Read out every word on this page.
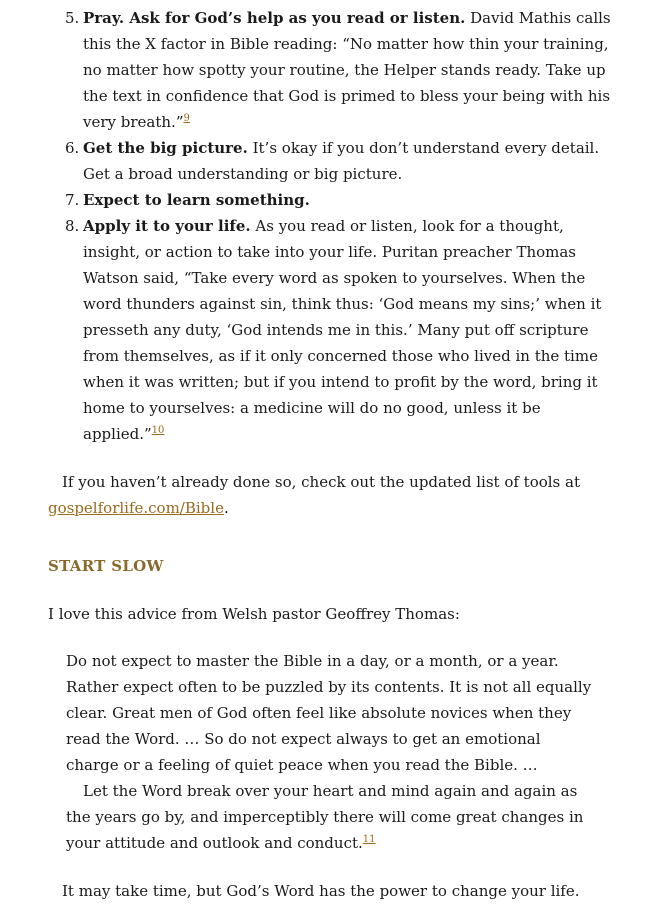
5. Pray. Ask for God’s help as you read or listen. David Mathis calls this the X factor in Bible reading: “No matter how thin your training, no matter how spotty your routine, the Helper stands ready. Take up the text in confidence that God is primed to bless your being with his very breath.”$^9$
6. Get the big picture. It’s okay if you don’t understand every detail. Get a broad understanding or big picture.
7. Expect to learn something.
8. Apply it to your life. As you read or listen, look for a thought, insight, or action to take into your life. Puritan preacher Thomas Watson said, “Take every word as spoken to yourselves. When the word thunders against sin, think thus: ‘God means my sins;’ when it presseth any duty, ‘God intends me in this.’ Many put off scripture from themselves, as if it only concerned those who lived in the time when it was written; but if you intend to profit by the word, bring it home to yourselves: a medicine will do no good, unless it be applied.”$^{10}$

If you haven’t already done so, check out the updated list of tools at gospelforlife.com/Bible.

START SLOW

I love this advice from Welsh pastor Geoffrey Thomas:

Do not expect to master the Bible in a day, or a month, or a year. Rather expect often to be puzzled by its contents. It is not all equally clear. Great men of God often feel like absolute novices when they read the Word. … So do not expect always to get an emotional charge or a feeling of quiet peace when you read the Bible. …

Let the Word break over your heart and mind again and again as the years go by, and imperceptibly there will come great changes in your attitude and outlook and conduct.$^{11}$

It may take time, but God’s Word has the power to change your life.
